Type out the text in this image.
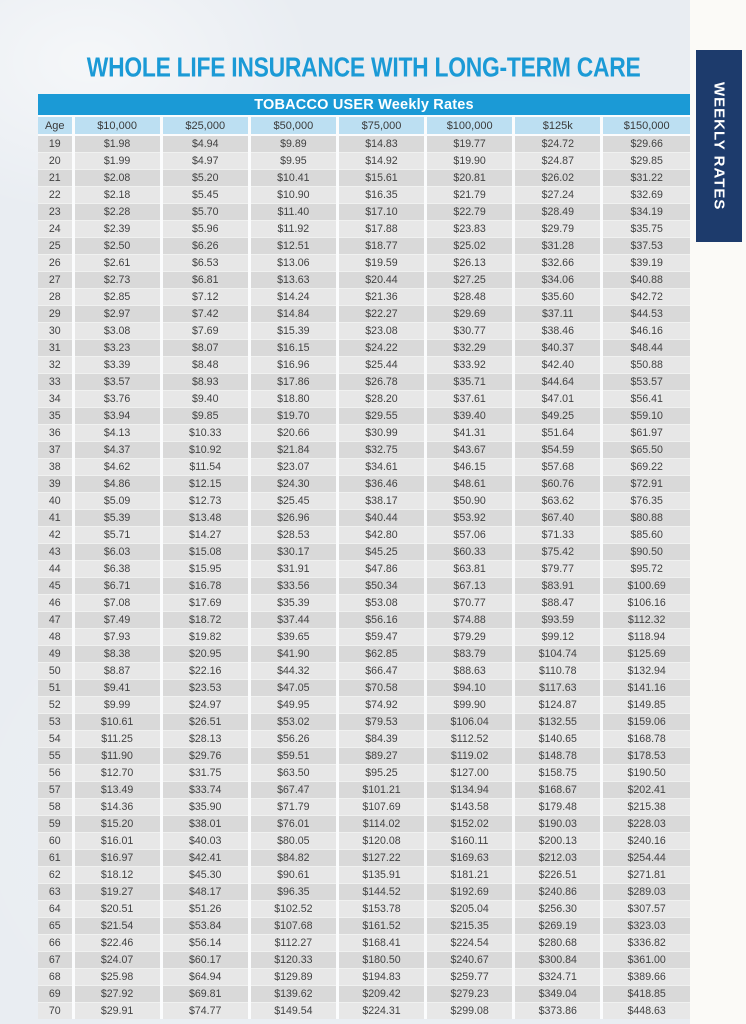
WEEKLY RATES
WHOLE LIFE INSURANCE WITH LONG-TERM CARE
TOBACCO USER Weekly Rates							
Age	$10,000	$25,000	$50,000	$75,000	$100,000	$125k	$150,000
19	$1.98	$4.94	$9.89	$14.83	$19.77	$24.72	$29.66
20	$1.99	$4.97	$9.95	$14.92	$19.90	$24.87	$29.85
21	$2.08	$5.20	$10.41	$15.61	$20.81	$26.02	$31.22
22	$2.18	$5.45	$10.90	$16.35	$21.79	$27.24	$32.69
23	$2.28	$5.70	$11.40	$17.10	$22.79	$28.49	$34.19
24	$2.39	$5.96	$11.92	$17.88	$23.83	$29.79	$35.75
25	$2.50	$6.26	$12.51	$18.77	$25.02	$31.28	$37.53
26	$2.61	$6.53	$13.06	$19.59	$26.13	$32.66	$39.19
27	$2.73	$6.81	$13.63	$20.44	$27.25	$34.06	$40.88
28	$2.85	$7.12	$14.24	$21.36	$28.48	$35.60	$42.72
29	$2.97	$7.42	$14.84	$22.27	$29.69	$37.11	$44.53
30	$3.08	$7.69	$15.39	$23.08	$30.77	$38.46	$46.16
31	$3.23	$8.07	$16.15	$24.22	$32.29	$40.37	$48.44
32	$3.39	$8.48	$16.96	$25.44	$33.92	$42.40	$50.88
33	$3.57	$8.93	$17.86	$26.78	$35.71	$44.64	$53.57
34	$3.76	$9.40	$18.80	$28.20	$37.61	$47.01	$56.41
35	$3.94	$9.85	$19.70	$29.55	$39.40	$49.25	$59.10
36	$4.13	$10.33	$20.66	$30.99	$41.31	$51.64	$61.97
37	$4.37	$10.92	$21.84	$32.75	$43.67	$54.59	$65.50
38	$4.62	$11.54	$23.07	$34.61	$46.15	$57.68	$69.22
39	$4.86	$12.15	$24.30	$36.46	$48.61	$60.76	$72.91
40	$5.09	$12.73	$25.45	$38.17	$50.90	$63.62	$76.35
41	$5.39	$13.48	$26.96	$40.44	$53.92	$67.40	$80.88
42	$5.71	$14.27	$28.53	$42.80	$57.06	$71.33	$85.60
43	$6.03	$15.08	$30.17	$45.25	$60.33	$75.42	$90.50
44	$6.38	$15.95	$31.91	$47.86	$63.81	$79.77	$95.72
45	$6.71	$16.78	$33.56	$50.34	$67.13	$83.91	$100.69
46	$7.08	$17.69	$35.39	$53.08	$70.77	$88.47	$106.16
47	$7.49	$18.72	$37.44	$56.16	$74.88	$93.59	$112.32
48	$7.93	$19.82	$39.65	$59.47	$79.29	$99.12	$118.94
49	$8.38	$20.95	$41.90	$62.85	$83.79	$104.74	$125.69
50	$8.87	$22.16	$44.32	$66.47	$88.63	$110.78	$132.94
51	$9.41	$23.53	$47.05	$70.58	$94.10	$117.63	$141.16
52	$9.99	$24.97	$49.95	$74.92	$99.90	$124.87	$149.85
53	$10.61	$26.51	$53.02	$79.53	$106.04	$132.55	$159.06
54	$11.25	$28.13	$56.26	$84.39	$112.52	$140.65	$168.78
55	$11.90	$29.76	$59.51	$89.27	$119.02	$148.78	$178.53
56	$12.70	$31.75	$63.50	$95.25	$127.00	$158.75	$190.50
57	$13.49	$33.74	$67.47	$101.21	$134.94	$168.67	$202.41
58	$14.36	$35.90	$71.79	$107.69	$143.58	$179.48	$215.38
59	$15.20	$38.01	$76.01	$114.02	$152.02	$190.03	$228.03
60	$16.01	$40.03	$80.05	$120.08	$160.11	$200.13	$240.16
61	$16.97	$42.41	$84.82	$127.22	$169.63	$212.03	$254.44
62	$18.12	$45.30	$90.61	$135.91	$181.21	$226.51	$271.81
63	$19.27	$48.17	$96.35	$144.52	$192.69	$240.86	$289.03
64	$20.51	$51.26	$102.52	$153.78	$205.04	$256.30	$307.57
65	$21.54	$53.84	$107.68	$161.52	$215.35	$269.19	$323.03
66	$22.46	$56.14	$112.27	$168.41	$224.54	$280.68	$336.82
67	$24.07	$60.17	$120.33	$180.50	$240.67	$300.84	$361.00
68	$25.98	$64.94	$129.89	$194.83	$259.77	$324.71	$389.66
69	$27.92	$69.81	$139.62	$209.42	$279.23	$349.04	$418.85
70	$29.91	$74.77	$149.54	$224.31	$299.08	$373.86	$448.63
